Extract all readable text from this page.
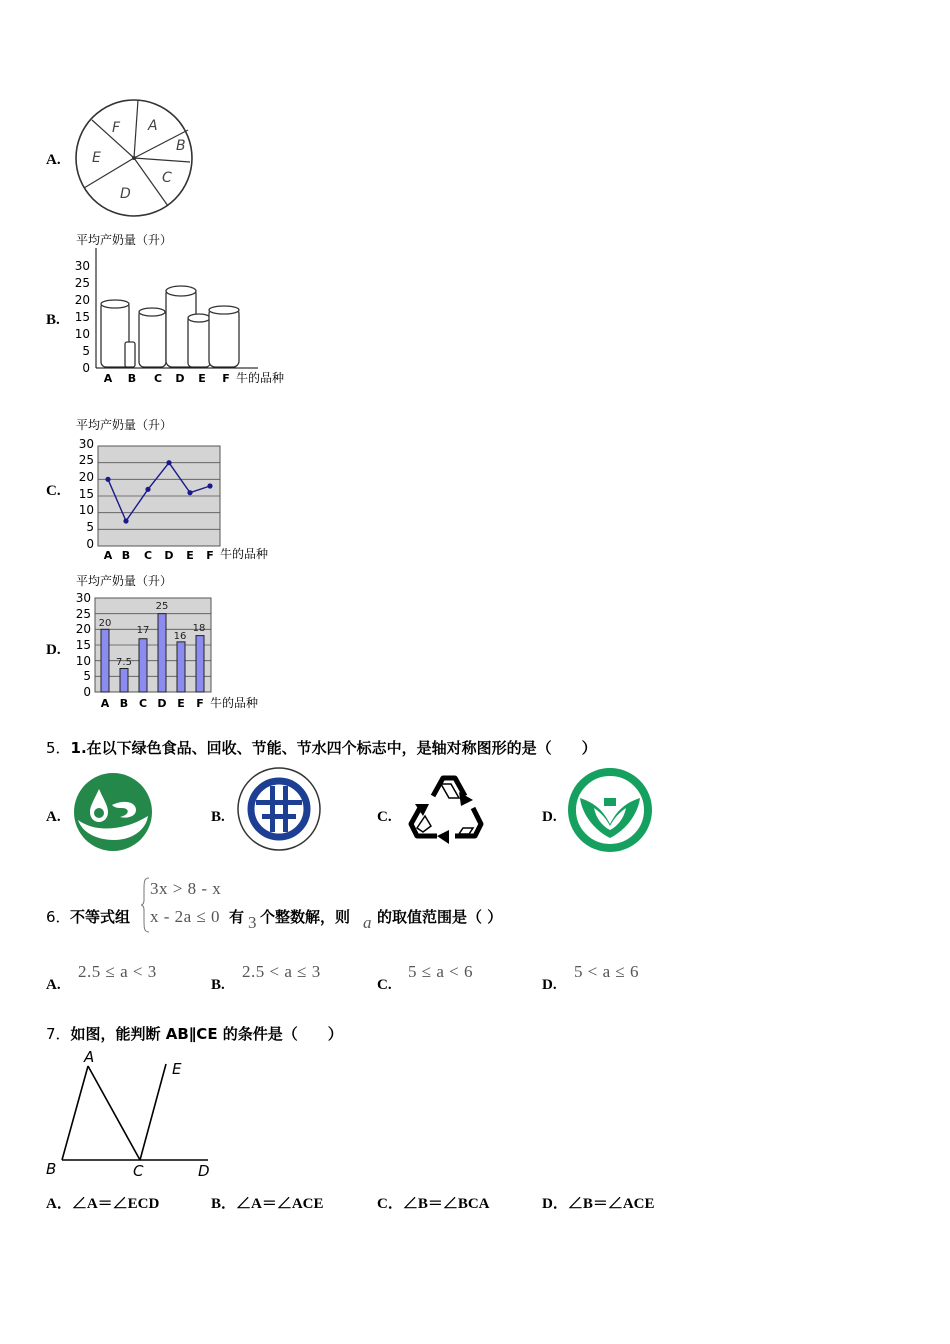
A.
A
B
C
D
E
F
B.
平均产奶量（升）
30
25
20
15
10
5
0
A B C D E F 牛的品种
C.
平均产奶量（升）
30
25
20
15
10
5
0
A B C D E F 牛的品种
D.
平均产奶量（升）
30
25
20
15
10
5
0
20
7.5
17
25
16
18
A B C D E F 牛的品种
5．1.在以下绿色食品、回收、节能、节水四个标志中，是轴对称图形的是（　　）
A.	B.	C.	D.
6． 不等式组
3x > 8 - x
x - 2a ≤ 0 有 3 个整数解，则 a 的取值范围是（ ）
A.
2.5 ≤ a < 3
B.
2.5 < a ≤ 3
C.
5 ≤ a < 6
D.
5 < a ≤ 6
7．如图，能判断 AB∥CE 的条件是（　　）
A
B	C	D
E
A．∠A＝∠ECD	B．∠A＝∠ACE	C．∠B＝∠BCA	D．∠B＝∠ACE
